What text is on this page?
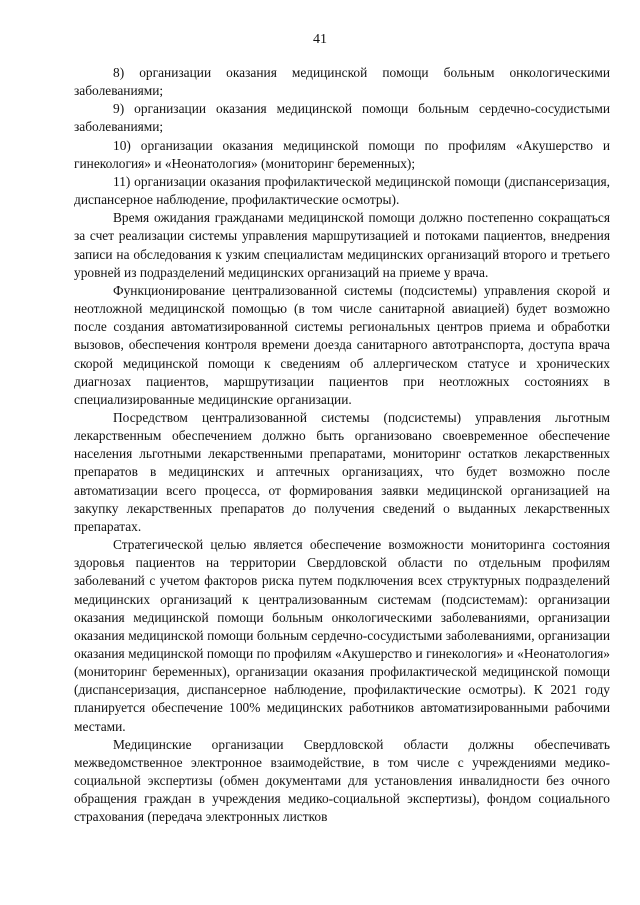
41

8) организации оказания медицинской помощи больным онкологическими заболеваниями;

9) организации оказания медицинской помощи больным сердечно-сосудистыми заболеваниями;

10) организации оказания медицинской помощи по профилям «Акушерство и гинекология» и «Неонатология» (мониторинг беременных);

11) организации оказания профилактической медицинской помощи (диспансеризация, диспансерное наблюдение, профилактические осмотры).

Время ожидания гражданами медицинской помощи должно постепенно сокращаться за счет реализации системы управления маршрутизацией и потоками пациентов, внедрения записи на обследования к узким специалистам медицинских организаций второго и третьего уровней из подразделений медицинских организаций на приеме у врача.

Функционирование централизованной системы (подсистемы) управления скорой и неотложной медицинской помощью (в том числе санитарной авиацией) будет возможно после создания автоматизированной системы региональных центров приема и обработки вызовов, обеспечения контроля времени доезда санитарного автотранспорта, доступа врача скорой медицинской помощи к сведениям об аллергическом статусе и хронических диагнозах пациентов, маршрутизации пациентов при неотложных состояниях в специализированные медицинские организации.

Посредством централизованной системы (подсистемы) управления льготным лекарственным обеспечением должно быть организовано своевременное обеспечение населения льготными лекарственными препаратами, мониторинг остатков лекарственных препаратов в медицинских и аптечных организациях, что будет возможно после автоматизации всего процесса, от формирования заявки медицинской организацией на закупку лекарственных препаратов до получения сведений о выданных лекарственных препаратах.

Стратегической целью является обеспечение возможности мониторинга состояния здоровья пациентов на территории Свердловской области по отдельным профилям заболеваний с учетом факторов риска путем подключения всех структурных подразделений медицинских организаций к централизованным системам (подсистемам): организации оказания медицинской помощи больным онкологическими заболеваниями, организации оказания медицинской помощи больным сердечно-сосудистыми заболеваниями, организации оказания медицинской помощи по профилям «Акушерство и гинекология» и «Неонатология» (мониторинг беременных), организации оказания профилактической медицинской помощи (диспансеризация, диспансерное наблюдение, профилактические осмотры). К 2021 году планируется обеспечение 100% медицинских работников автоматизированными рабочими местами.

Медицинские организации Свердловской области должны обеспечивать межведомственное электронное взаимодействие, в том числе с учреждениями медико-социальной экспертизы (обмен документами для установления инвалидности без очного обращения граждан в учреждения медико-социальной экспертизы), фондом социального страхования (передача электронных листков
